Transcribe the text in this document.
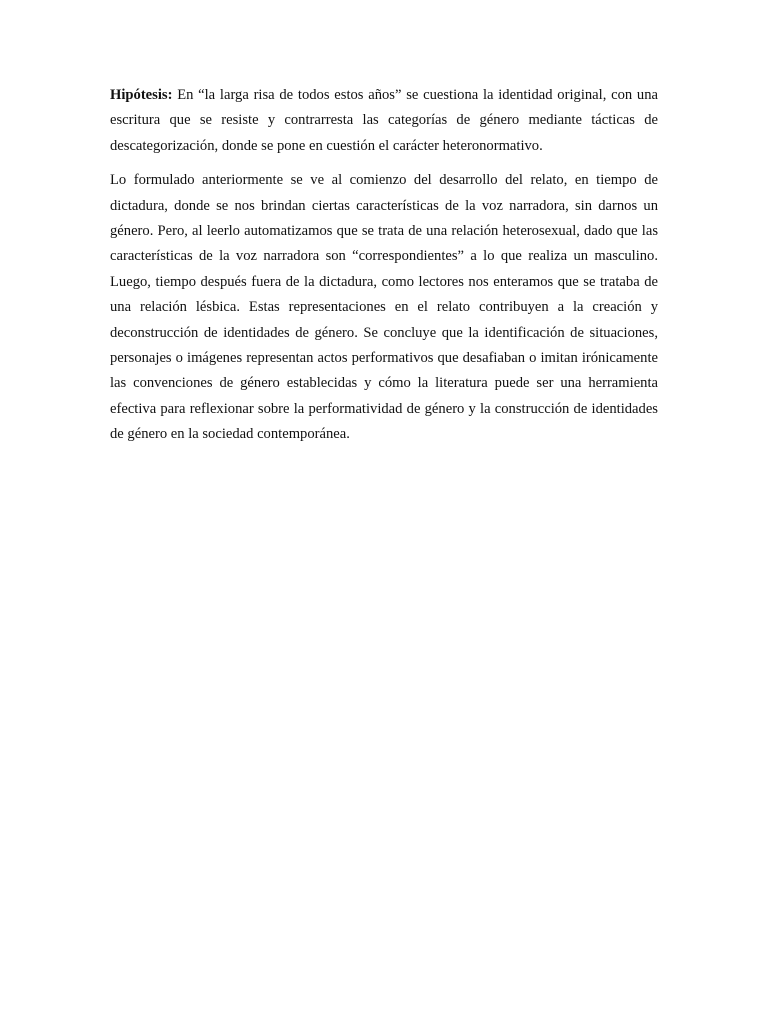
Hipótesis: En “la larga risa de todos estos años” se cuestiona la identidad original, con una escritura que se resiste y contrarresta las categorías de género mediante tácticas de descategorización, donde se pone en cuestión el carácter heteronormativo.

Lo formulado anteriormente se ve al comienzo del desarrollo del relato, en tiempo de dictadura, donde se nos brindan ciertas características de la voz narradora, sin darnos un género. Pero, al leerlo automatizamos que se trata de una relación heterosexual, dado que las características de la voz narradora son “correspondientes” a lo que realiza un masculino. Luego, tiempo después fuera de la dictadura, como lectores nos enteramos que se trataba de una relación lésbica. Estas representaciones en el relato contribuyen a la creación y deconstrucción de identidades de género. Se concluye que la identificación de situaciones, personajes o imágenes representan actos performativos que desafiaban o imitan irónicamente las convenciones de género establecidas y cómo la literatura puede ser una herramienta efectiva para reflexionar sobre la performatividad de género y la construcción de identidades de género en la sociedad contemporánea.
